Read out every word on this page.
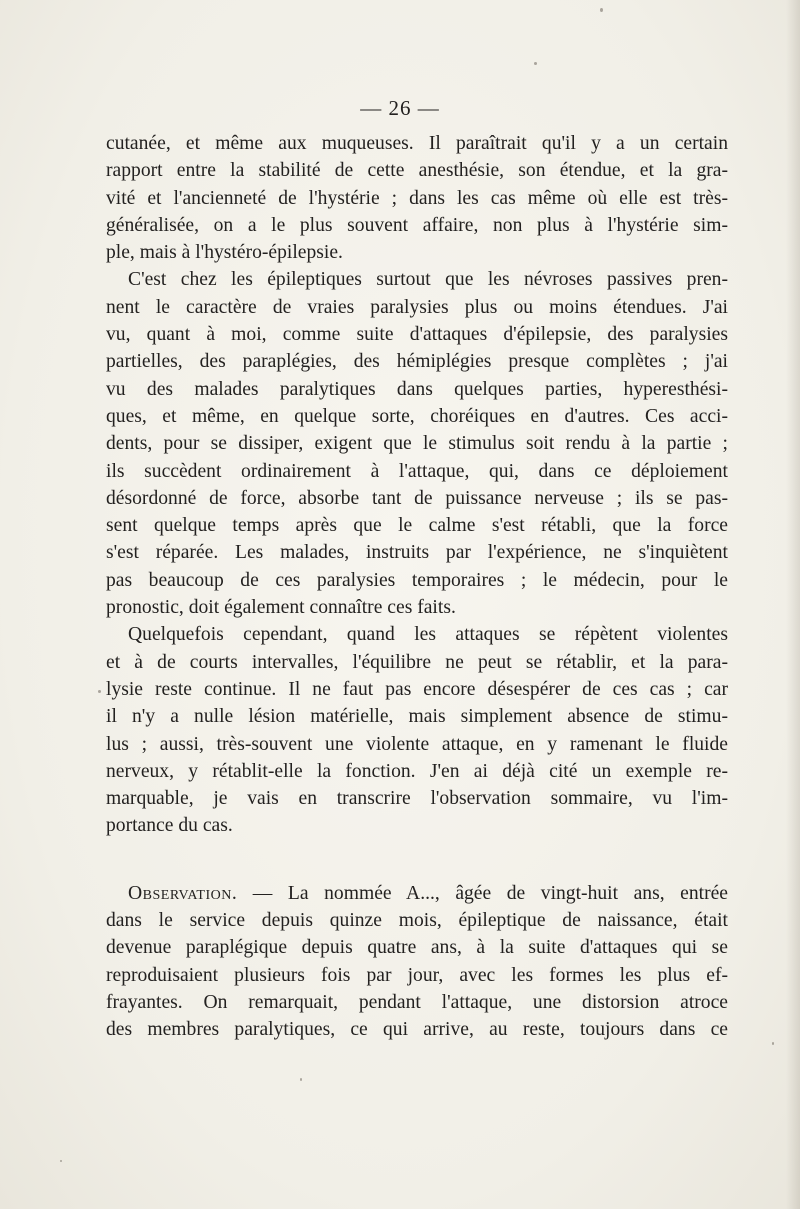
— 26 —
cutanée, et même aux muqueuses. Il paraîtrait qu'il y a un certain
rapport entre la stabilité de cette anesthésie, son étendue, et la gra-
vité et l'ancienneté de l'hystérie ; dans les cas même où elle est très-
généralisée, on a le plus souvent affaire, non plus à l'hystérie sim-
ple, mais à l'hystéro-épilepsie.
C'est chez les épileptiques surtout que les névroses passives pren-
nent le caractère de vraies paralysies plus ou moins étendues. J'ai
vu, quant à moi, comme suite d'attaques d'épilepsie, des paralysies
partielles, des paraplégies, des hémiplégies presque complètes ; j'ai
vu des malades paralytiques dans quelques parties, hyperesthési-
ques, et même, en quelque sorte, choréiques en d'autres. Ces acci-
dents, pour se dissiper, exigent que le stimulus soit rendu à la partie ;
ils succèdent ordinairement à l'attaque, qui, dans ce déploiement
désordonné de force, absorbe tant de puissance nerveuse ; ils se pas-
sent quelque temps après que le calme s'est rétabli, que la force
s'est réparée. Les malades, instruits par l'expérience, ne s'inquiètent
pas beaucoup de ces paralysies temporaires ; le médecin, pour le
pronostic, doit également connaître ces faits.
Quelquefois cependant, quand les attaques se répètent violentes
et à de courts intervalles, l'équilibre ne peut se rétablir, et la para-
lysie reste continue. Il ne faut pas encore désespérer de ces cas ; car
il n'y a nulle lésion matérielle, mais simplement absence de stimu-
lus ; aussi, très-souvent une violente attaque, en y ramenant le fluide
nerveux, y rétablit-elle la fonction. J'en ai déjà cité un exemple re-
marquable, je vais en transcrire l'observation sommaire, vu l'im-
portance du cas.
Observation. — La nommée A..., âgée de vingt-huit ans, entrée
dans le service depuis quinze mois, épileptique de naissance, était
devenue paraplégique depuis quatre ans, à la suite d'attaques qui se
reproduisaient plusieurs fois par jour, avec les formes les plus ef-
frayantes. On remarquait, pendant l'attaque, une distorsion atroce
des membres paralytiques, ce qui arrive, au reste, toujours dans ce
